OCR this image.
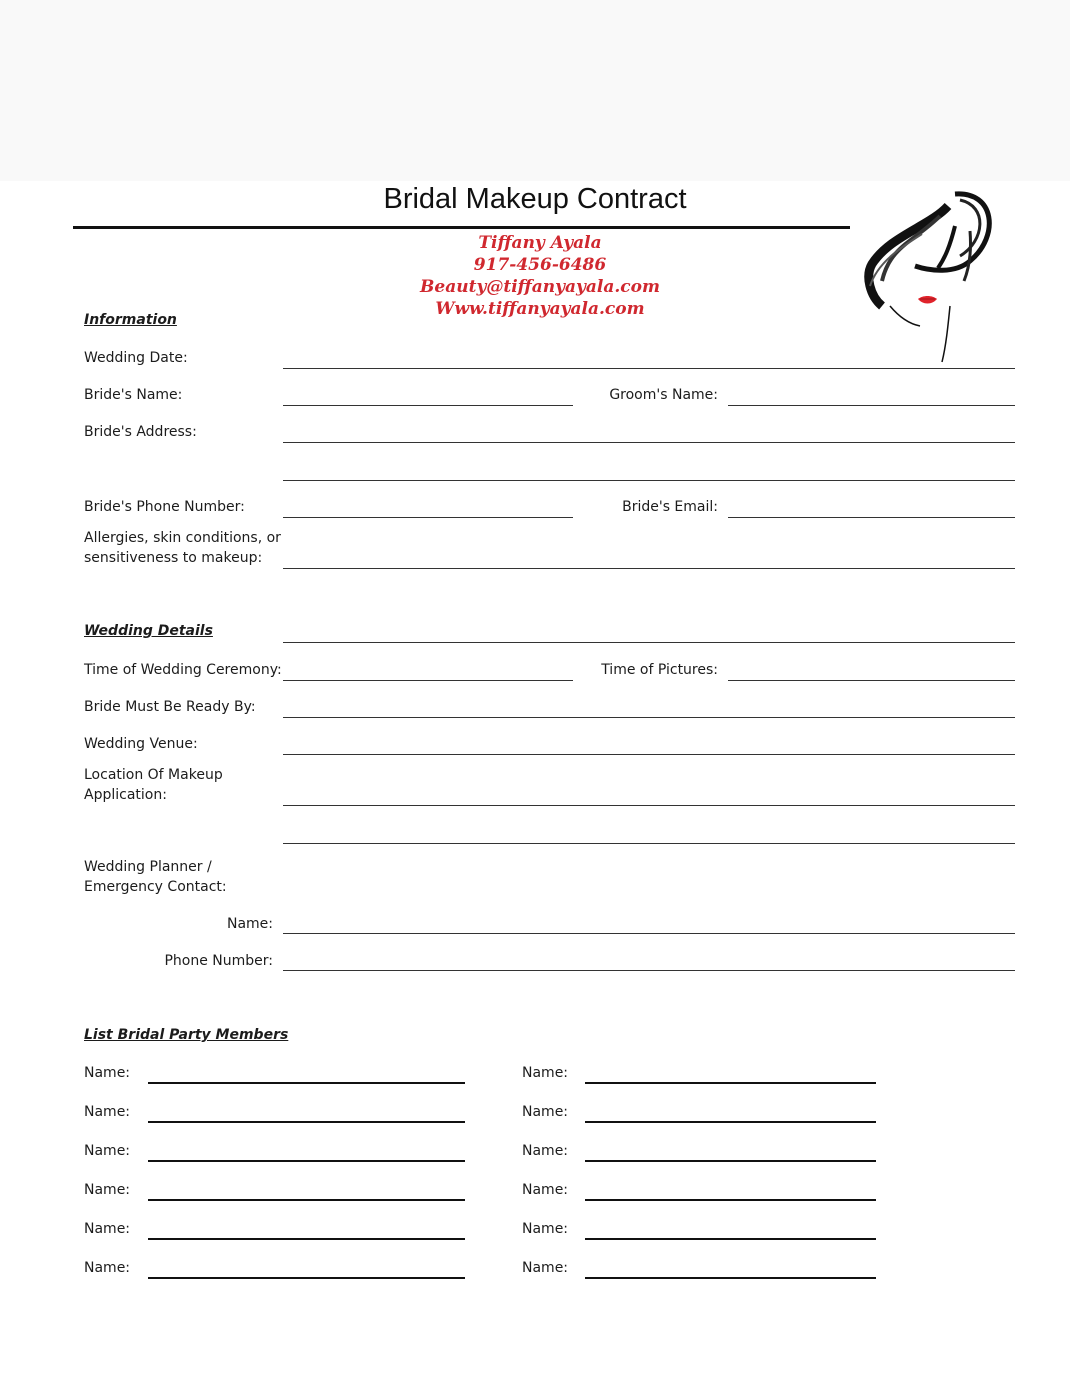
Bridal Makeup Contract
Tiffany Ayala
917-456-6486
Beauty@tiffanyayala.com
Www.tiffanyayala.com
Information
Wedding Date:
Bride's Name:	Groom's Name:
Bride's Address:
Bride's Phone Number:	Bride's Email:
Allergies, skin conditions, or
sensitiveness to makeup:
Wedding Details
Time of Wedding Ceremony:	Time of Pictures:
Bride Must Be Ready By:
Wedding Venue:
Location Of Makeup
Application:
Wedding Planner /
Emergency Contact:
Name:
Phone Number:
List Bridal Party Members
Name:	Name:
Name:	Name:
Name:	Name:
Name:	Name:
Name:	Name:
Name:	Name:
